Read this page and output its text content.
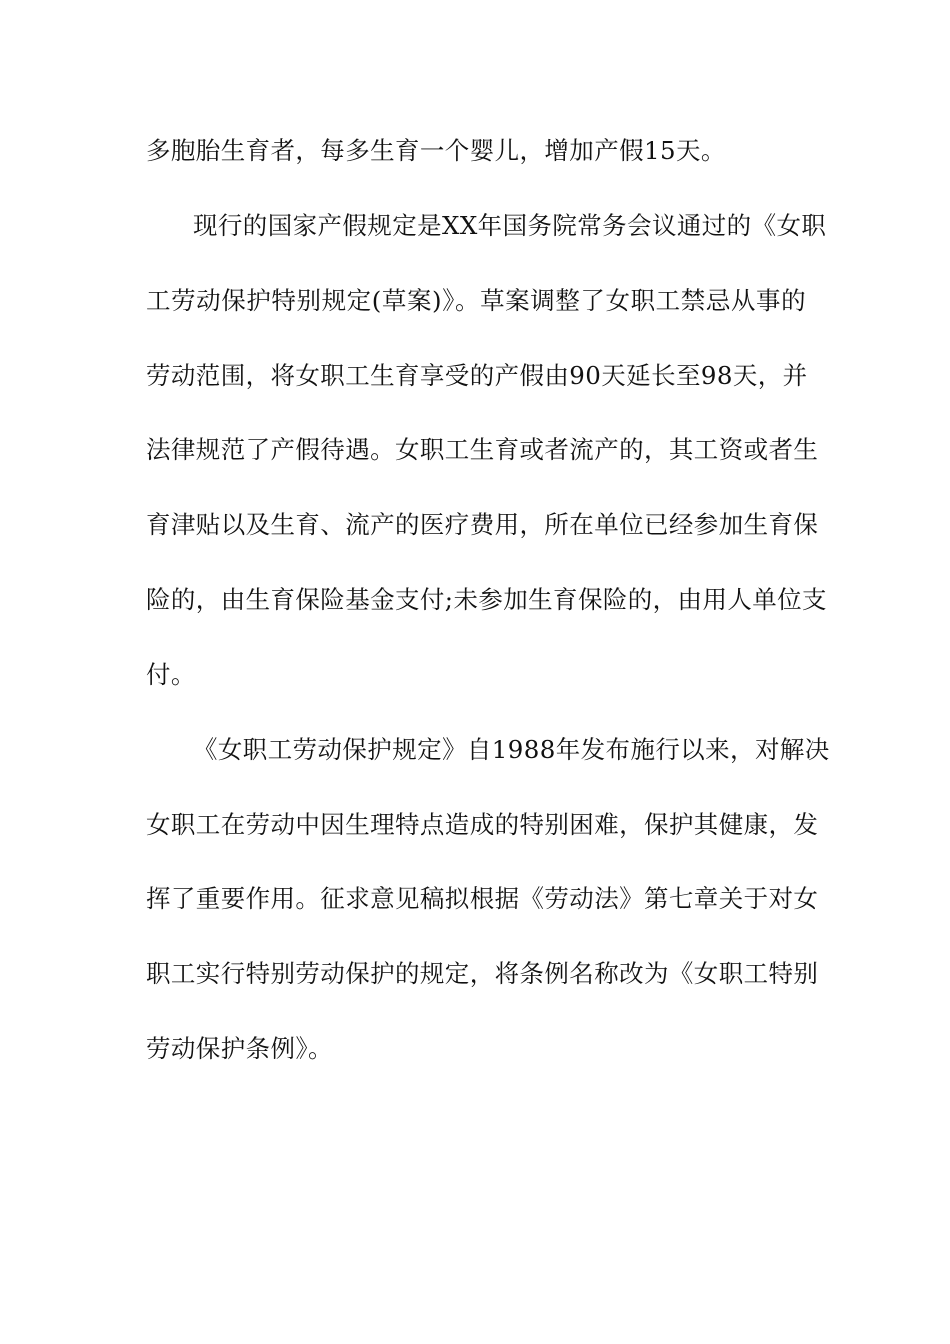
多胞胎生育者，每多生育一个婴儿，增加产假15天。
现行的国家产假规定是XX年国务院常务会议通过的《女职
工劳动保护特别规定(草案)》。草案调整了女职工禁忌从事的
劳动范围，将女职工生育享受的产假由90天延长至98天，并
法律规范了产假待遇。女职工生育或者流产的，其工资或者生
育津贴以及生育、流产的医疗费用，所在单位已经参加生育保
险的，由生育保险基金支付;未参加生育保险的，由用人单位支
付。
《女职工劳动保护规定》自1988年发布施行以来，对解决
女职工在劳动中因生理特点造成的特别困难，保护其健康，发
挥了重要作用。征求意见稿拟根据《劳动法》第七章关于对女
职工实行特别劳动保护的规定，将条例名称改为《女职工特别
劳动保护条例》。
